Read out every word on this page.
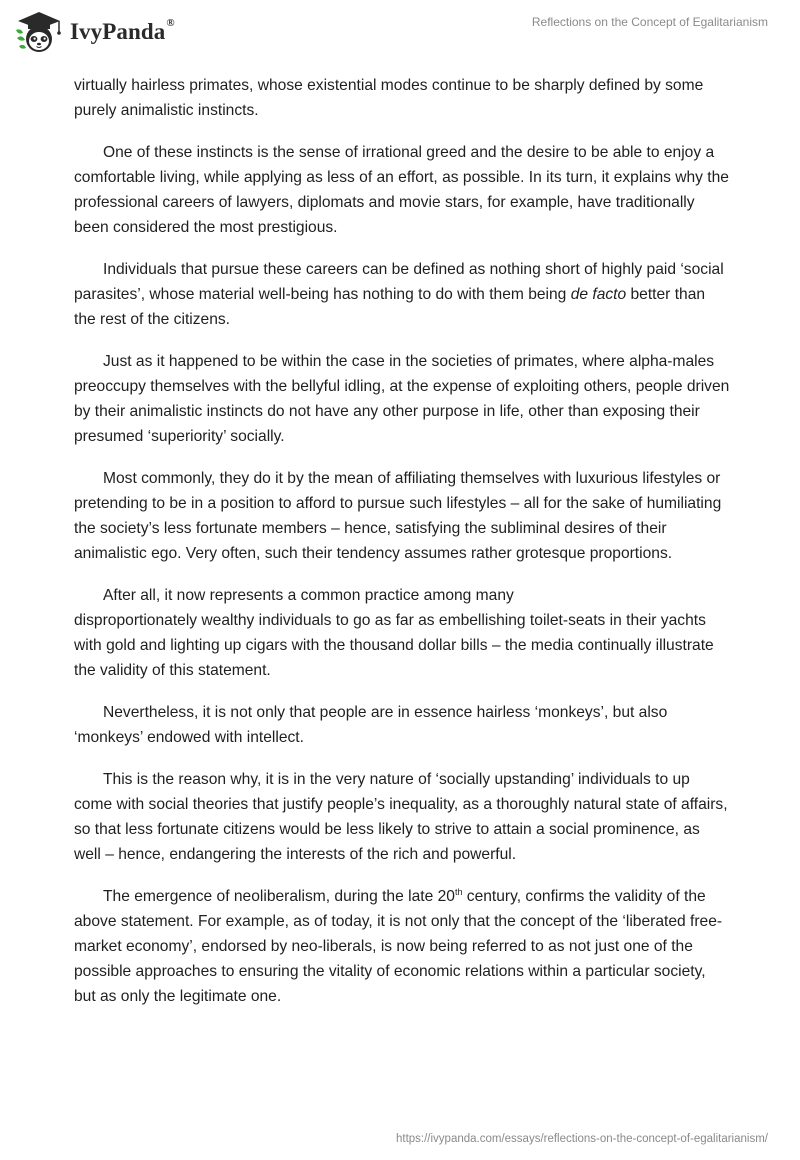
IvyPanda®	Reflections on the Concept of Egalitarianism

virtually hairless primates, whose existential modes continue to be sharply defined by some purely animalistic instincts.

One of these instincts is the sense of irrational greed and the desire to be able to enjoy a comfortable living, while applying as less of an effort, as possible. In its turn, it explains why the professional careers of lawyers, diplomats and movie stars, for example, have traditionally been considered the most prestigious.

Individuals that pursue these careers can be defined as nothing short of highly paid ‘social parasites’, whose material well-being has nothing to do with them being de facto better than the rest of the citizens.

Just as it happened to be within the case in the societies of primates, where alpha-males preoccupy themselves with the bellyful idling, at the expense of exploiting others, people driven by their animalistic instincts do not have any other purpose in life, other than exposing their presumed ‘superiority’ socially.

Most commonly, they do it by the mean of affiliating themselves with luxurious lifestyles or pretending to be in a position to afford to pursue such lifestyles – all for the sake of humiliating the society’s less fortunate members – hence, satisfying the subliminal desires of their animalistic ego. Very often, such their tendency assumes rather grotesque proportions.

After all, it now represents a common practice among many
disproportionately wealthy individuals to go as far as embellishing toilet-seats in their yachts with gold and lighting up cigars with the thousand dollar bills – the media continually illustrate the validity of this statement.

Nevertheless, it is not only that people are in essence hairless ‘monkeys’, but also ‘monkeys’ endowed with intellect.

This is the reason why, it is in the very nature of ‘socially upstanding’ individuals to up come with social theories that justify people’s inequality, as a thoroughly natural state of affairs, so that less fortunate citizens would be less likely to strive to attain a social prominence, as well – hence, endangering the interests of the rich and powerful.

The emergence of neoliberalism, during the late 20th century, confirms the validity of the above statement. For example, as of today, it is not only that the concept of the ‘liberated free-market economy’, endorsed by neo-liberals, is now being referred to as not just one of the possible approaches to ensuring the vitality of economic relations within a particular society, but as only the legitimate one.

https://ivypanda.com/essays/reflections-on-the-concept-of-egalitarianism/
